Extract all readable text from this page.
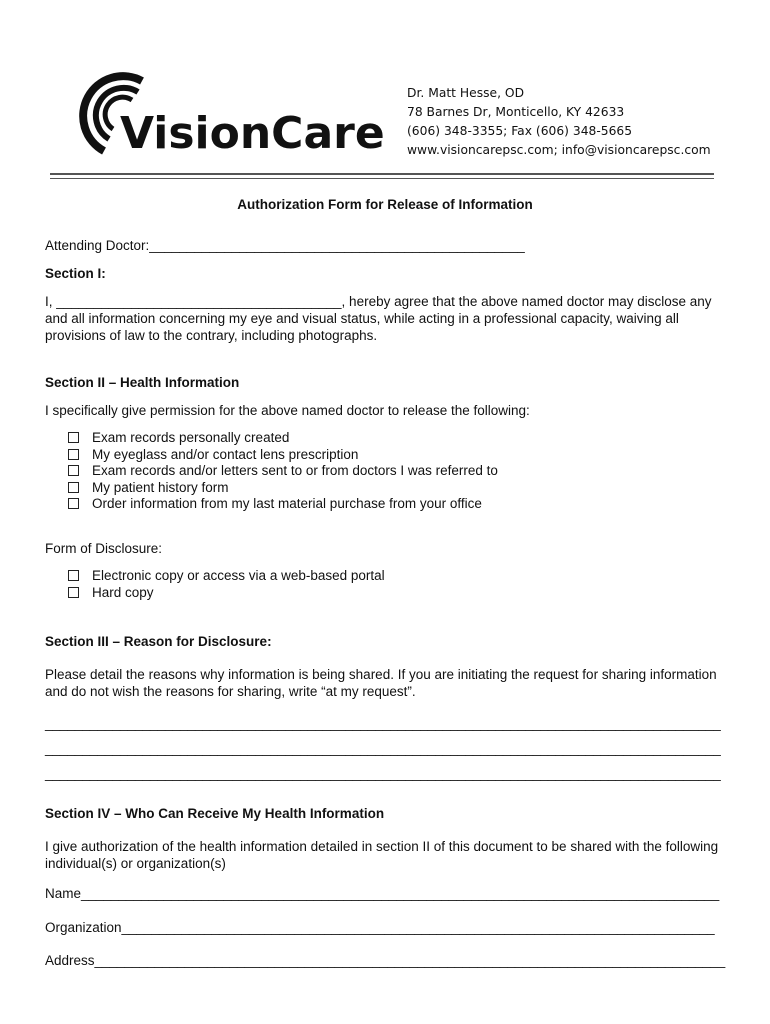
VisionCare
Dr. Matt Hesse, OD
78 Barnes Dr, Monticello, KY 42633
(606) 348-3355; Fax (606) 348-5665
www.visioncarepsc.com; info@visioncarepsc.com
Authorization Form for Release of Information
Attending Doctor:__________________________________________________
Section I:
I, ______________________________________, hereby agree that the above named doctor may disclose any and all information concerning my eye and visual status, while acting in a professional capacity, waiving all provisions of law to the contrary, including photographs.
Section II – Health Information
I specifically give permission for the above named doctor to release the following:
Exam records personally created
My eyeglass and/or contact lens prescription
Exam records and/or letters sent to or from doctors I was referred to
My patient history form
Order information from my last material purchase from your office
Form of Disclosure:
Electronic copy or access via a web-based portal
Hard copy
Section III – Reason for Disclosure:
Please detail the reasons why information is being shared. If you are initiating the request for sharing information and do not wish the reasons for sharing, write “at my request”.
__________________________________________________________________________________________
__________________________________________________________________________________________
__________________________________________________________________________________________
Section IV – Who Can Receive My Health Information
I give authorization of the health information detailed in section II of this document to be shared with the following individual(s) or organization(s)
Name_____________________________________________________________________________________
Organization_______________________________________________________________________________
Address____________________________________________________________________________________
